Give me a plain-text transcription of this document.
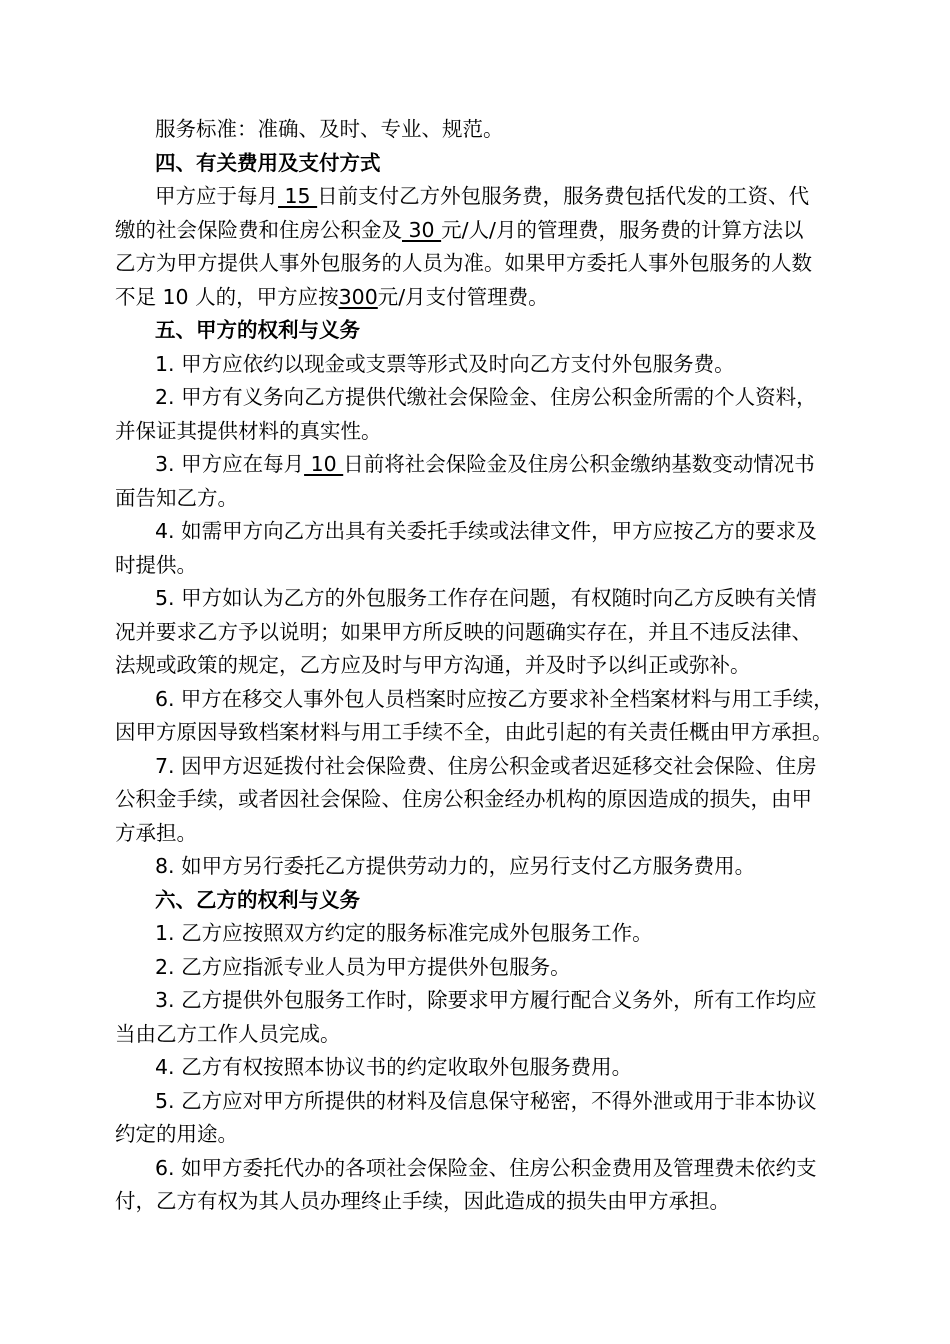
服务标准：准确、及时、专业、规范。
四、有关费用及支付方式
甲方应于每月 15 日前支付乙方外包服务费，服务费包括代发的工资、代
缴的社会保险费和住房公积金及 30 元/人/月的管理费，服务费的计算方法以
乙方为甲方提供人事外包服务的人员为准。如果甲方委托人事外包服务的人数
不足 10 人的，甲方应按300元/月支付管理费。
五、甲方的权利与义务
1. 甲方应依约以现金或支票等形式及时向乙方支付外包服务费。
2. 甲方有义务向乙方提供代缴社会保险金、住房公积金所需的个人资料，
并保证其提供材料的真实性。
3. 甲方应在每月 10 日前将社会保险金及住房公积金缴纳基数变动情况书
面告知乙方。
4. 如需甲方向乙方出具有关委托手续或法律文件，甲方应按乙方的要求及
时提供。
5. 甲方如认为乙方的外包服务工作存在问题，有权随时向乙方反映有关情
况并要求乙方予以说明；如果甲方所反映的问题确实存在，并且不违反法律、
法规或政策的规定，乙方应及时与甲方沟通，并及时予以纠正或弥补。
6. 甲方在移交人事外包人员档案时应按乙方要求补全档案材料与用工手续，
因甲方原因导致档案材料与用工手续不全，由此引起的有关责任概由甲方承担。
7. 因甲方迟延拨付社会保险费、住房公积金或者迟延移交社会保险、住房
公积金手续，或者因社会保险、住房公积金经办机构的原因造成的损失，由甲
方承担。
8. 如甲方另行委托乙方提供劳动力的，应另行支付乙方服务费用。
六、乙方的权利与义务
1. 乙方应按照双方约定的服务标准完成外包服务工作。
2. 乙方应指派专业人员为甲方提供外包服务。
3. 乙方提供外包服务工作时，除要求甲方履行配合义务外，所有工作均应
当由乙方工作人员完成。
4. 乙方有权按照本协议书的约定收取外包服务费用。
5. 乙方应对甲方所提供的材料及信息保守秘密，不得外泄或用于非本协议
约定的用途。
6. 如甲方委托代办的各项社会保险金、住房公积金费用及管理费未依约支
付，乙方有权为其人员办理终止手续，因此造成的损失由甲方承担。
